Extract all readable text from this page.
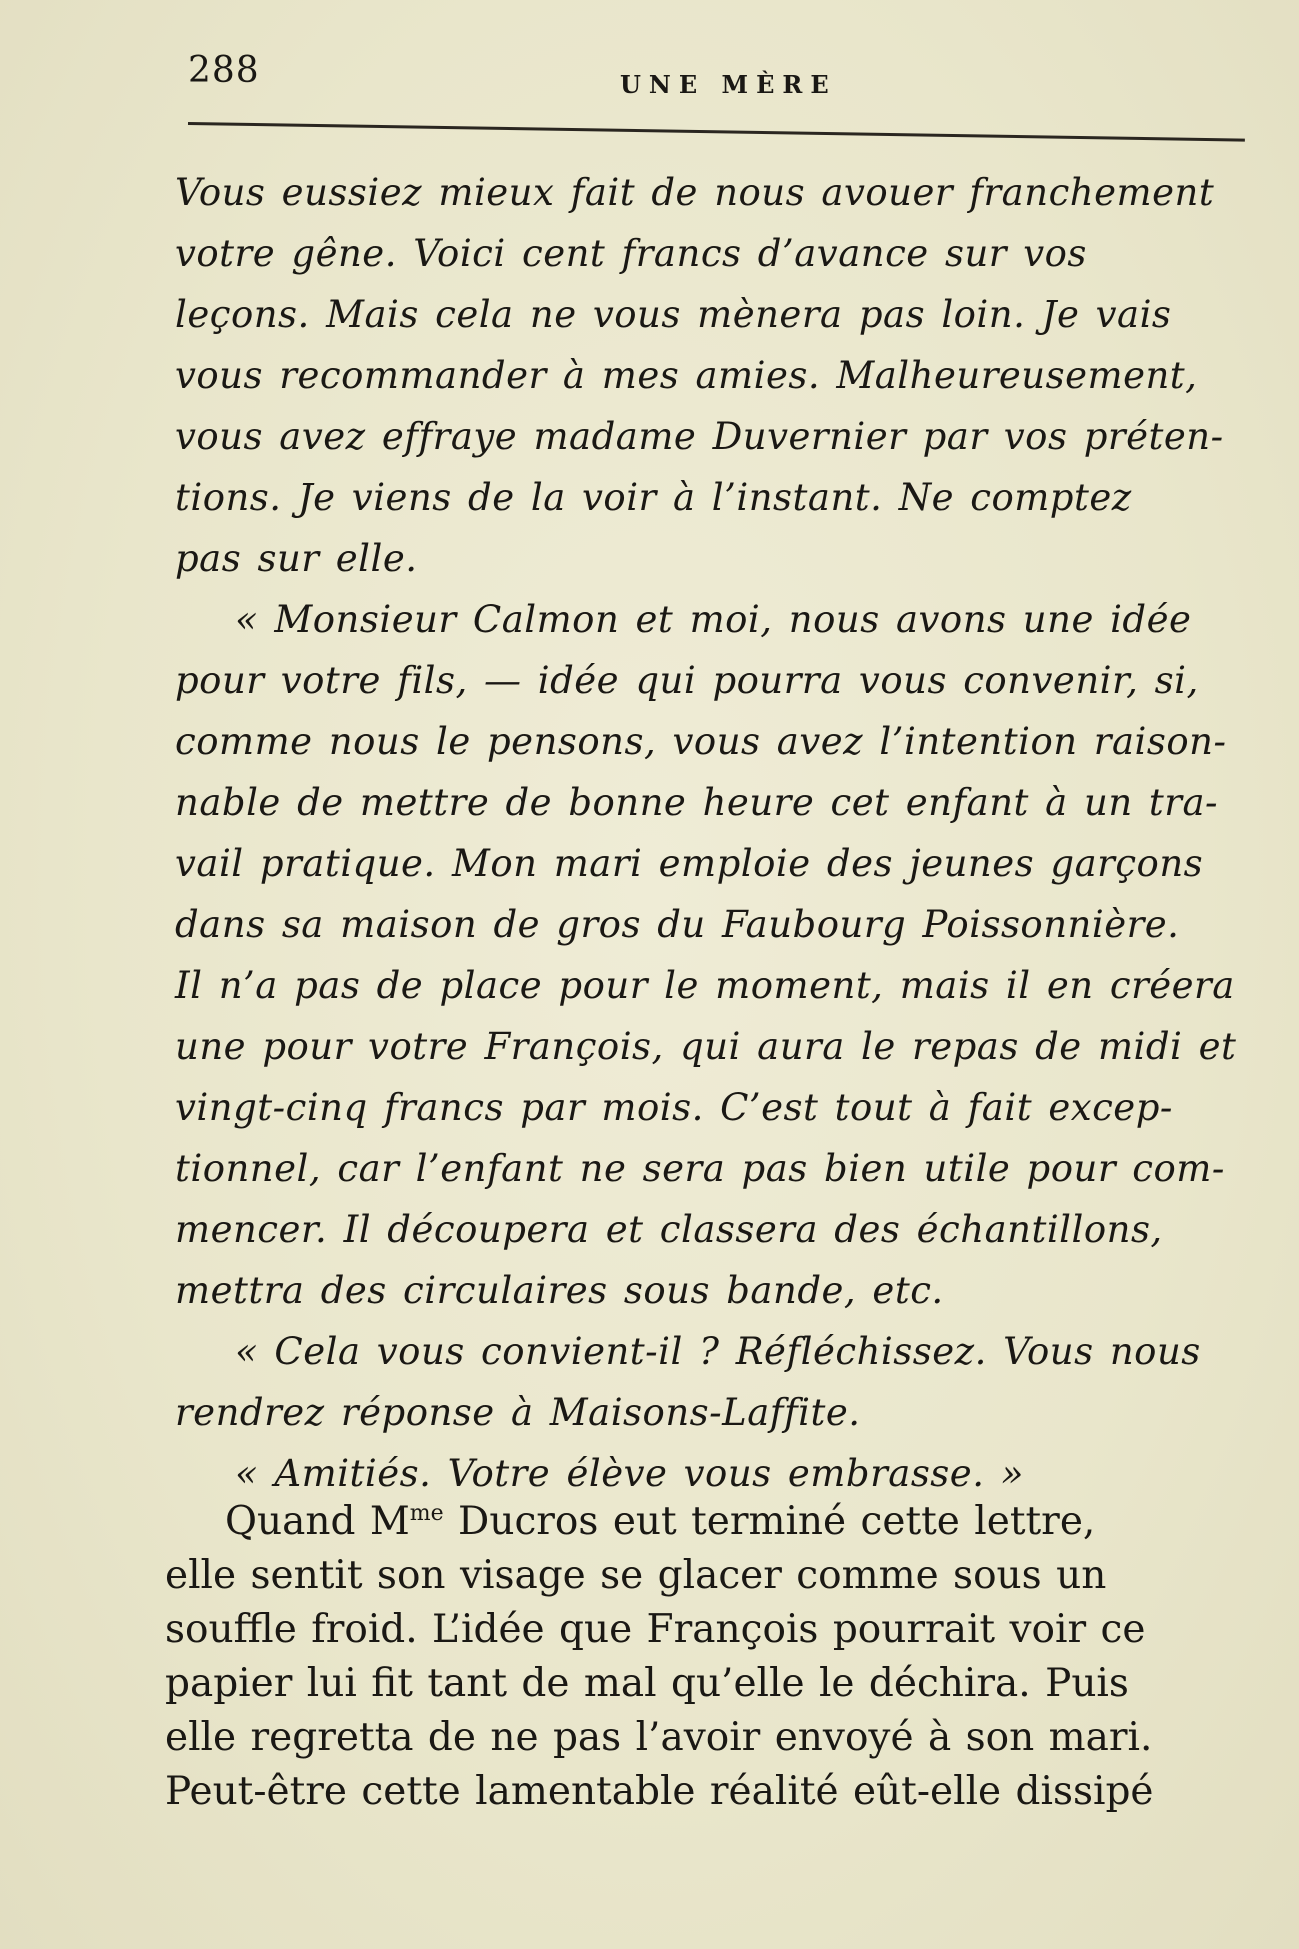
288	UNE MÈRE
Vous eussiez mieux fait de nous avouer franchement
votre gêne. Voici cent francs d’avance sur vos
leçons. Mais cela ne vous mènera pas loin. Je vais
vous recommander à mes amies. Malheureusement,
vous avez effraye madame Duvernier par vos préten-
tions. Je viens de la voir à l’instant. Ne comptez
pas sur elle.
« Monsieur Calmon et moi, nous avons une idée
pour votre fils, — idée qui pourra vous convenir, si,
comme nous le pensons, vous avez l’intention raison-
nable de mettre de bonne heure cet enfant à un tra-
vail pratique. Mon mari emploie des jeunes garçons
dans sa maison de gros du Faubourg Poissonnière.
Il n’a pas de place pour le moment, mais il en créera
une pour votre François, qui aura le repas de midi et
vingt-cinq francs par mois. C’est tout à fait excep-
tionnel, car l’enfant ne sera pas bien utile pour com-
mencer. Il découpera et classera des échantillons,
mettra des circulaires sous bande, etc.
« Cela vous convient-il ? Réfléchissez. Vous nous
rendrez réponse à Maisons-Laffite.
« Amitiés. Votre élève vous embrasse. »
Quand $M^{me}$ Ducros eut terminé cette lettre,
elle sentit son visage se glacer comme sous un
souffle froid. L’idée que François pourrait voir ce
papier lui fit tant de mal qu’elle le déchira. Puis
elle regretta de ne pas l’avoir envoyé à son mari.
Peut-être cette lamentable réalité eût-elle dissipé
